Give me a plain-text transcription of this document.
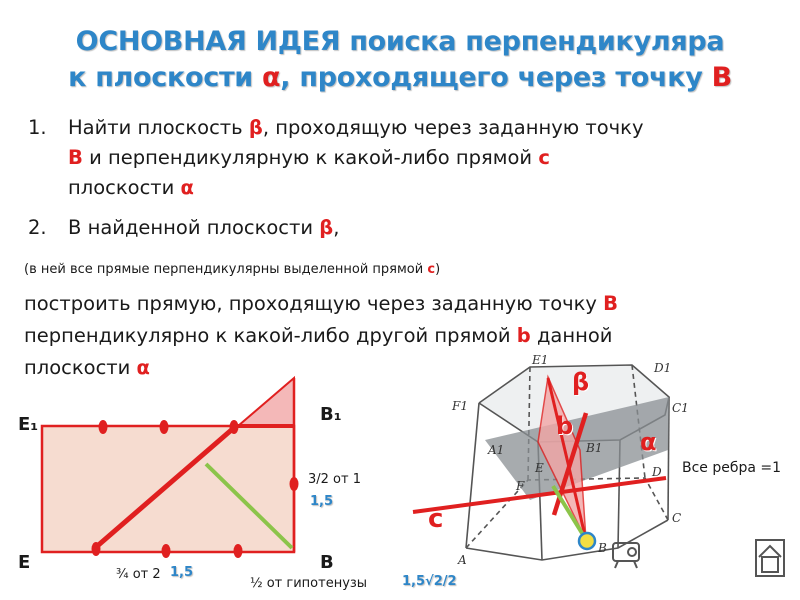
ОСНОВНАЯ ИДЕЯ поиска перпендикуляра
к плоскости α, проходящего через точку B
1. Найти плоскость β, проходящую через заданную точку
B и перпендикулярную к какой-либо прямой с
плоскости α
2. В найденной плоскости β,
(в ней все прямые перпендикулярны выделенной прямой с)
построить прямую, проходящую через заданную точку B
перпендикулярно к какой-либо другой прямой b данной
плоскости α
E₁	B₁
E	B
3/2 от 1
1,5
¾ от 2 1,5
½ от гипотенузы	1,5√2/2
E1
D1
F1	C1
A1	B1
E	D
F
C
A
B
β
b
α
c
Все ребра =1
